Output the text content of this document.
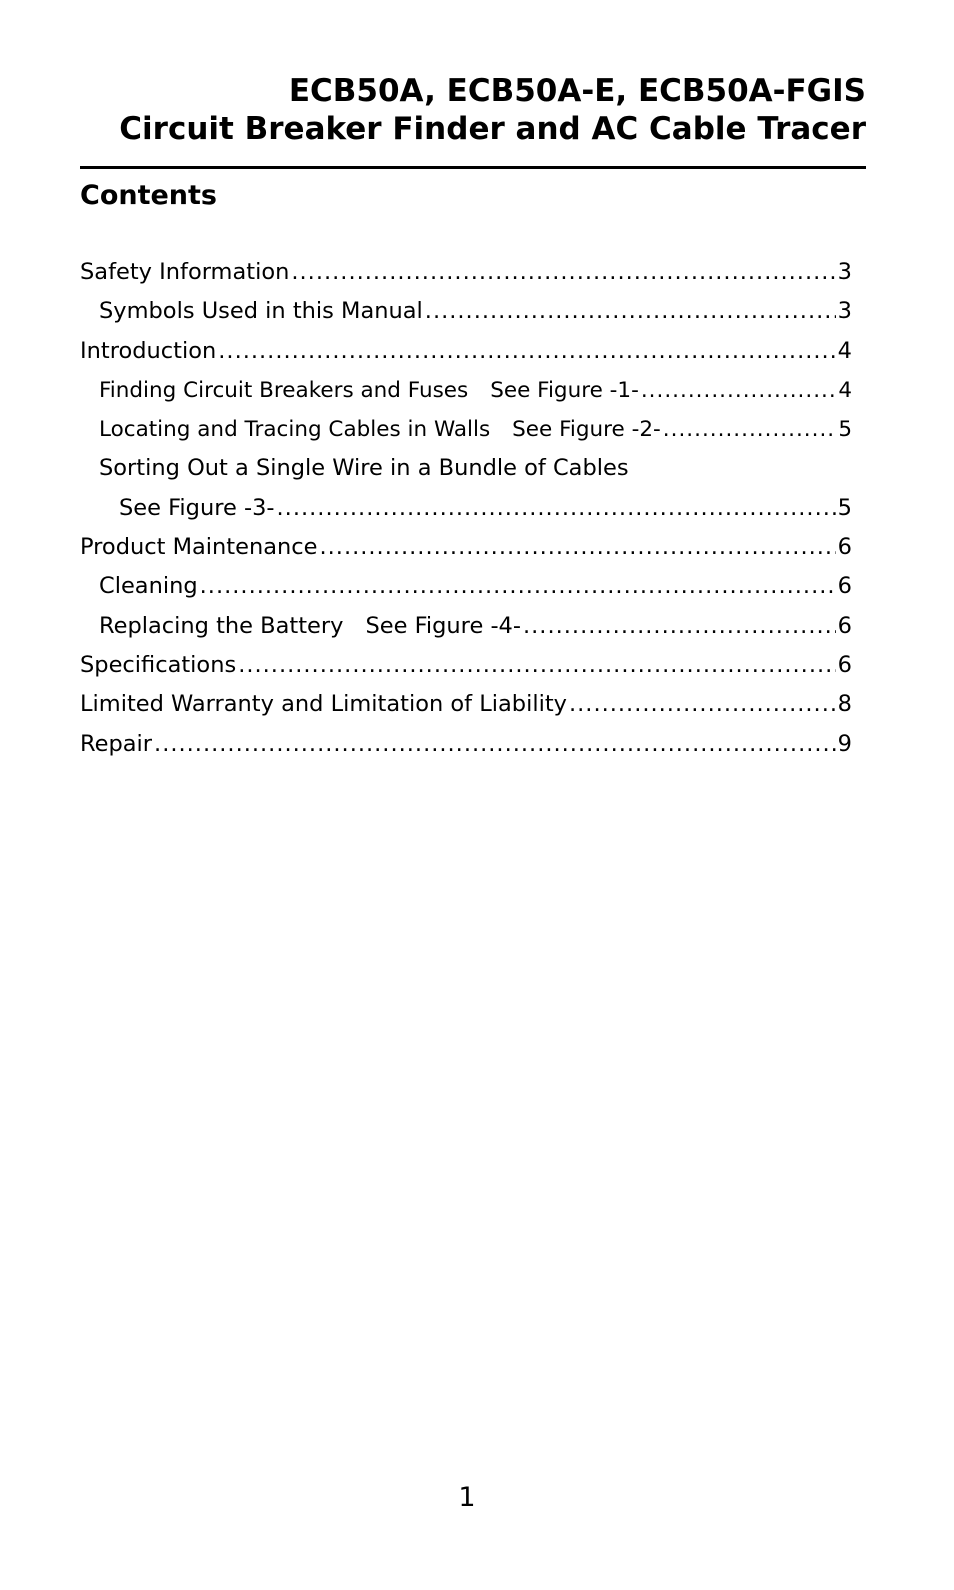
ECB50A, ECB50A-E, ECB50A-FGIS
Circuit Breaker Finder and AC Cable Tracer
Contents
Safety Information .....	3
Symbols Used in this Manual .....	3
Introduction .....	4
Finding Circuit Breakers and Fuses See Figure -1- .....	4
Locating and Tracing Cables in Walls See Figure -2- .....	5
Sorting Out a Single Wire in a Bundle of Cables
See Figure -3- .....	5
Product Maintenance .....	6
Cleaning .....	6
Replacing the Battery See Figure -4- .....	6
Specifications .....	6
Limited Warranty and Limitation of Liability .....	8
Repair .....	9
1
